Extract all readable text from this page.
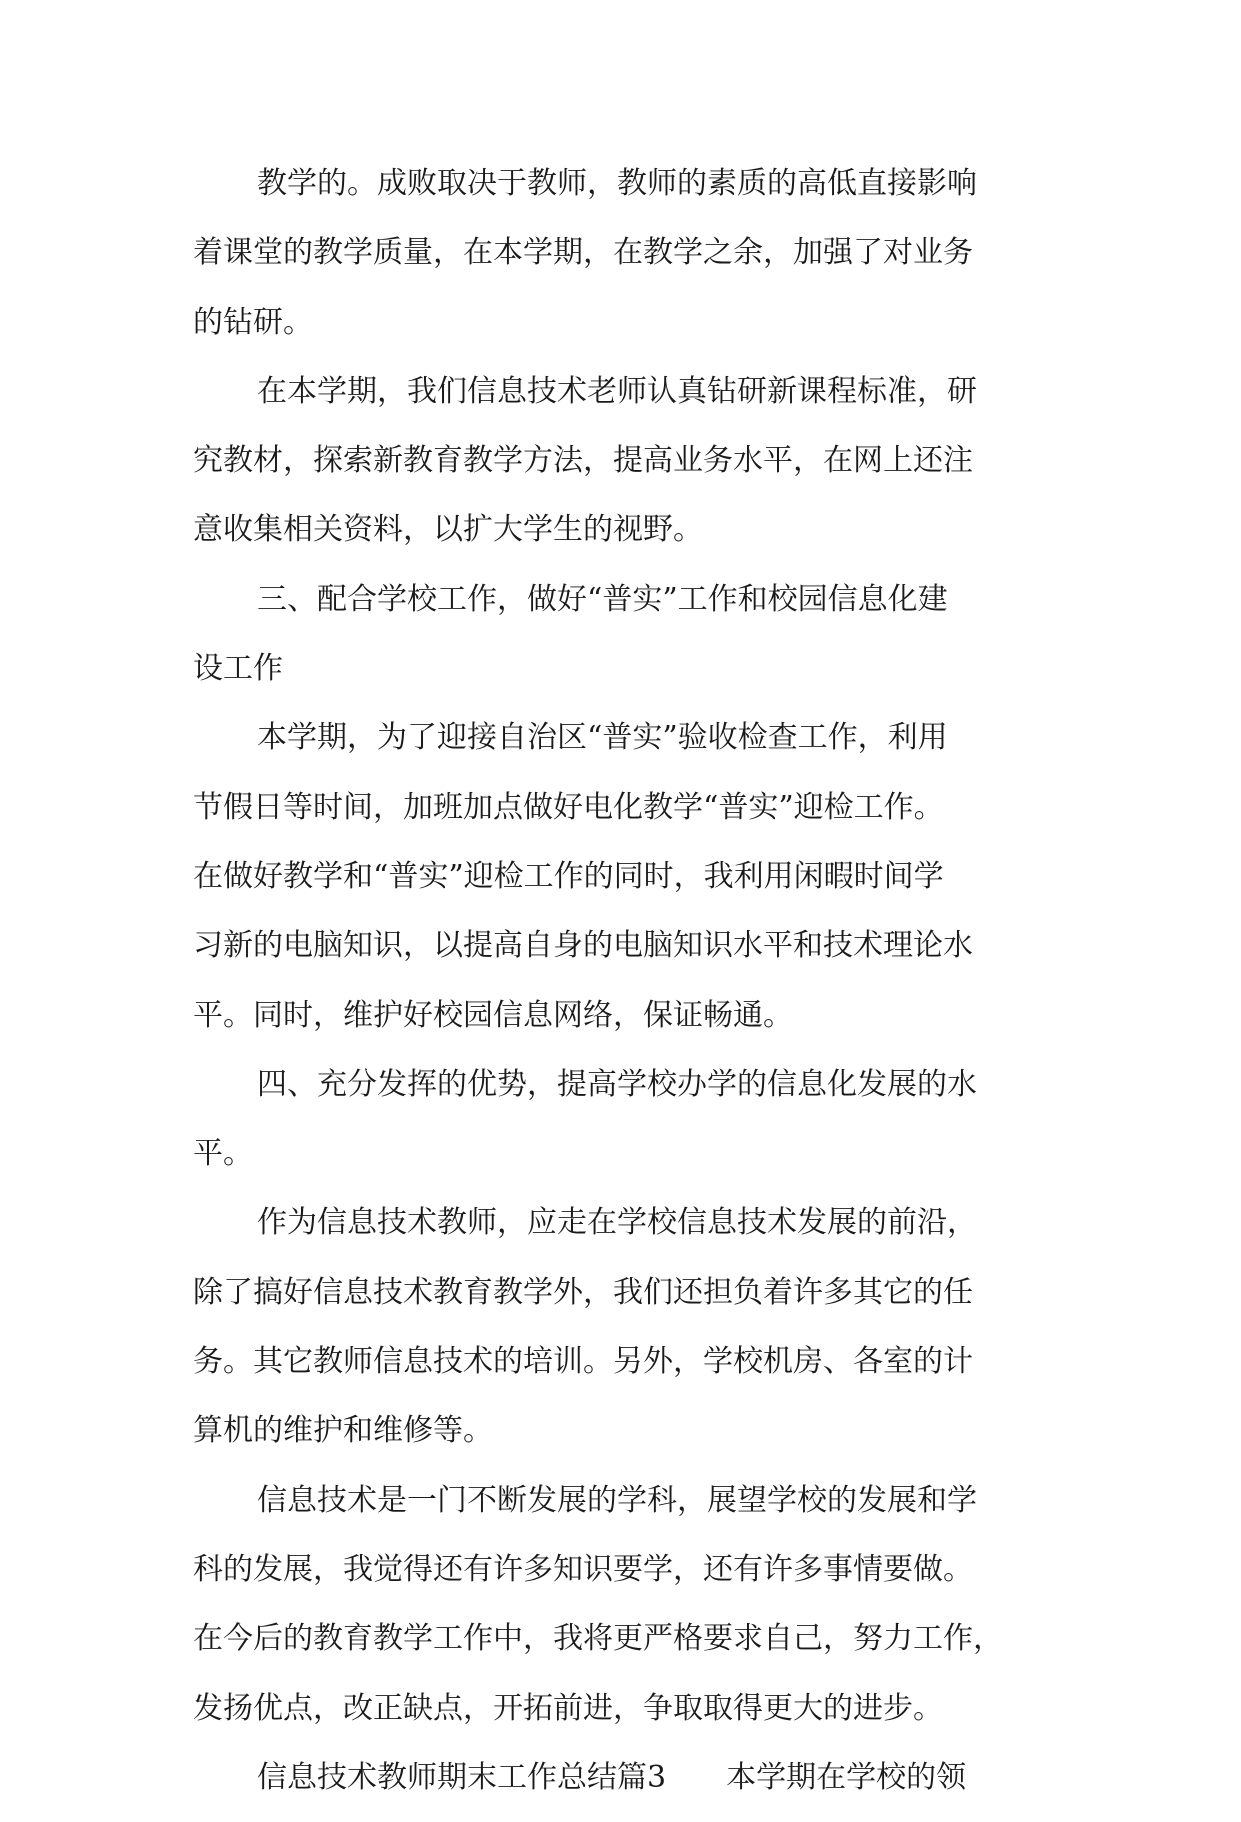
教学的。成败取决于教师，教师的素质的高低直接影响
着课堂的教学质量，在本学期，在教学之余，加强了对业务
的钻研。
在本学期，我们信息技术老师认真钻研新课程标准，研
究教材，探索新教育教学方法，提高业务水平，在网上还注
意收集相关资料，以扩大学生的视野。
三、配合学校工作，做好“普实”工作和校园信息化建
设工作
本学期，为了迎接自治区“普实”验收检查工作，利用
节假日等时间，加班加点做好电化教学“普实”迎检工作。
在做好教学和“普实”迎检工作的同时，我利用闲暇时间学
习新的电脑知识，以提高自身的电脑知识水平和技术理论水
平。同时，维护好校园信息网络，保证畅通。
四、充分发挥的优势，提高学校办学的信息化发展的水
平。
作为信息技术教师，应走在学校信息技术发展的前沿，
除了搞好信息技术教育教学外，我们还担负着许多其它的任
务。其它教师信息技术的培训。另外，学校机房、各室的计
算机的维护和维修等。
信息技术是一门不断发展的学科，展望学校的发展和学
科的发展，我觉得还有许多知识要学，还有许多事情要做。
在今后的教育教学工作中，我将更严格要求自己，努力工作，
发扬优点，改正缺点，开拓前进，争取取得更大的进步。
信息技术教师期末工作总结篇3　　本学期在学校的领
